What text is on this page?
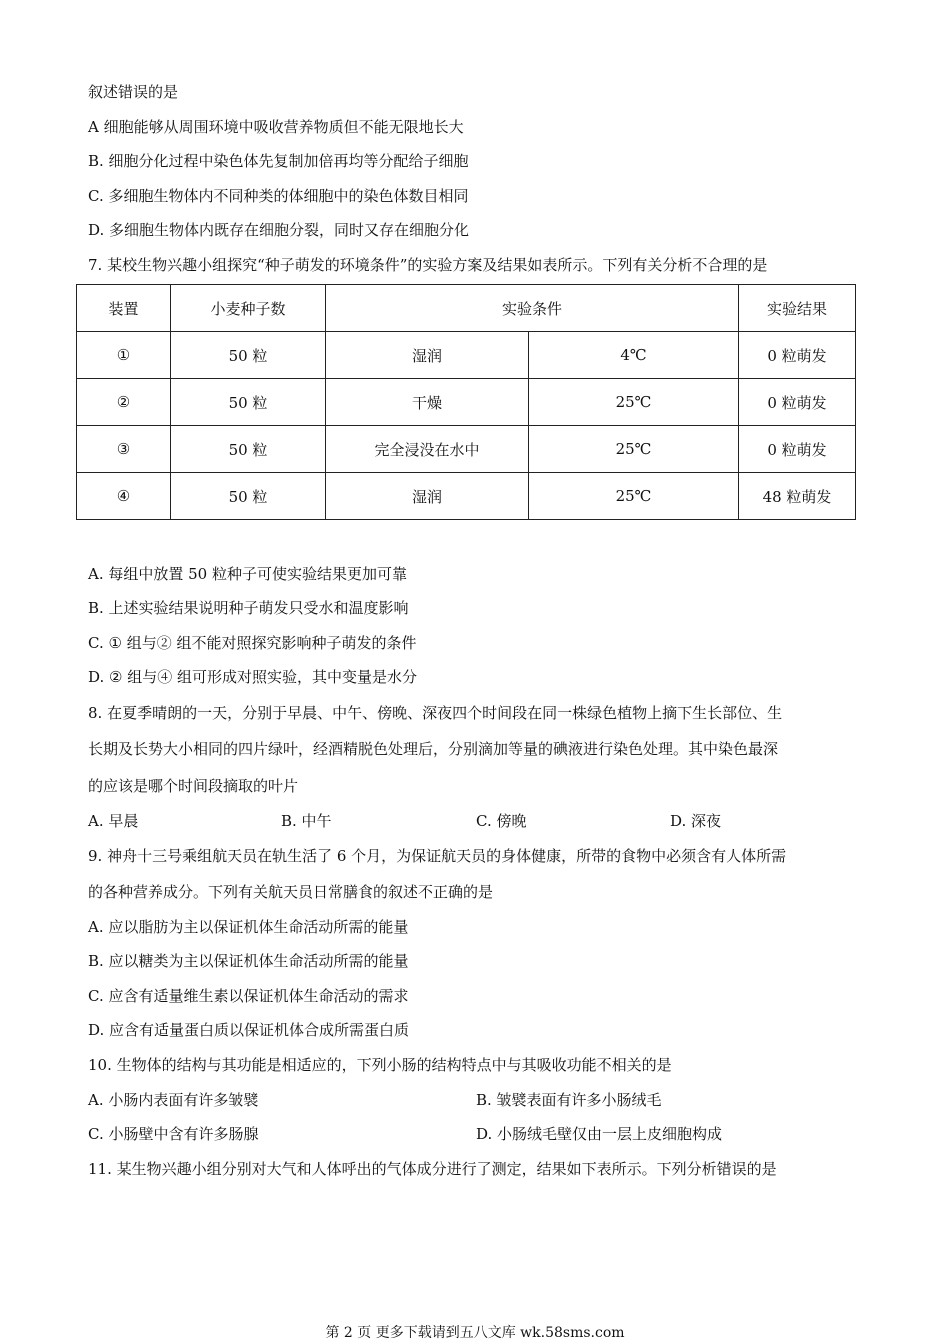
叙述错误的是
A 细胞能够从周围环境中吸收营养物质但不能无限地长大
B. 细胞分化过程中染色体先复制加倍再均等分配给子细胞
C. 多细胞生物体内不同种类的体细胞中的染色体数目相同
D. 多细胞生物体内既存在细胞分裂，同时又存在细胞分化
7. 某校生物兴趣小组探究“种子萌发的环境条件”的实验方案及结果如表所示。下列有关分析不合理的是
装置	小麦种子数	实验条件		实验结果
①	50 粒	湿润	4℃	0 粒萌发
②	50 粒	干燥	25℃	0 粒萌发
③	50 粒	完全浸没在水中	25℃	0 粒萌发
④	50 粒	湿润	25℃	48 粒萌发
A. 每组中放置 50 粒种子可使实验结果更加可靠
B. 上述实验结果说明种子萌发只受水和温度影响
C. ① 组与② 组不能对照探究影响种子萌发的条件
D. ② 组与④ 组可形成对照实验，其中变量是水分
8. 在夏季晴朗的一天，分别于早晨、中午、傍晚、深夜四个时间段在同一株绿色植物上摘下生长部位、生
长期及长势大小相同的四片绿叶，经酒精脱色处理后，分别滴加等量的碘液进行染色处理。其中染色最深
的应该是哪个时间段摘取的叶片
A. 早晨	B. 中午	C. 傍晚	D. 深夜
9. 神舟十三号乘组航天员在轨生活了 6 个月，为保证航天员的身体健康，所带的食物中必须含有人体所需
的各种营养成分。下列有关航天员日常膳食的叙述不正确的是
A. 应以脂肪为主以保证机体生命活动所需的能量
B. 应以糖类为主以保证机体生命活动所需的能量
C. 应含有适量维生素以保证机体生命活动的需求
D. 应含有适量蛋白质以保证机体合成所需蛋白质
10. 生物体的结构与其功能是相适应的，下列小肠的结构特点中与其吸收功能不相关的是
A. 小肠内表面有许多皱襞	B. 皱襞表面有许多小肠绒毛
C. 小肠壁中含有许多肠腺	D. 小肠绒毛壁仅由一层上皮细胞构成
11. 某生物兴趣小组分别对大气和人体呼出的气体成分进行了测定，结果如下表所示。下列分析错误的是
第 2 页 更多下载请到五八文库 wk.58sms.com
